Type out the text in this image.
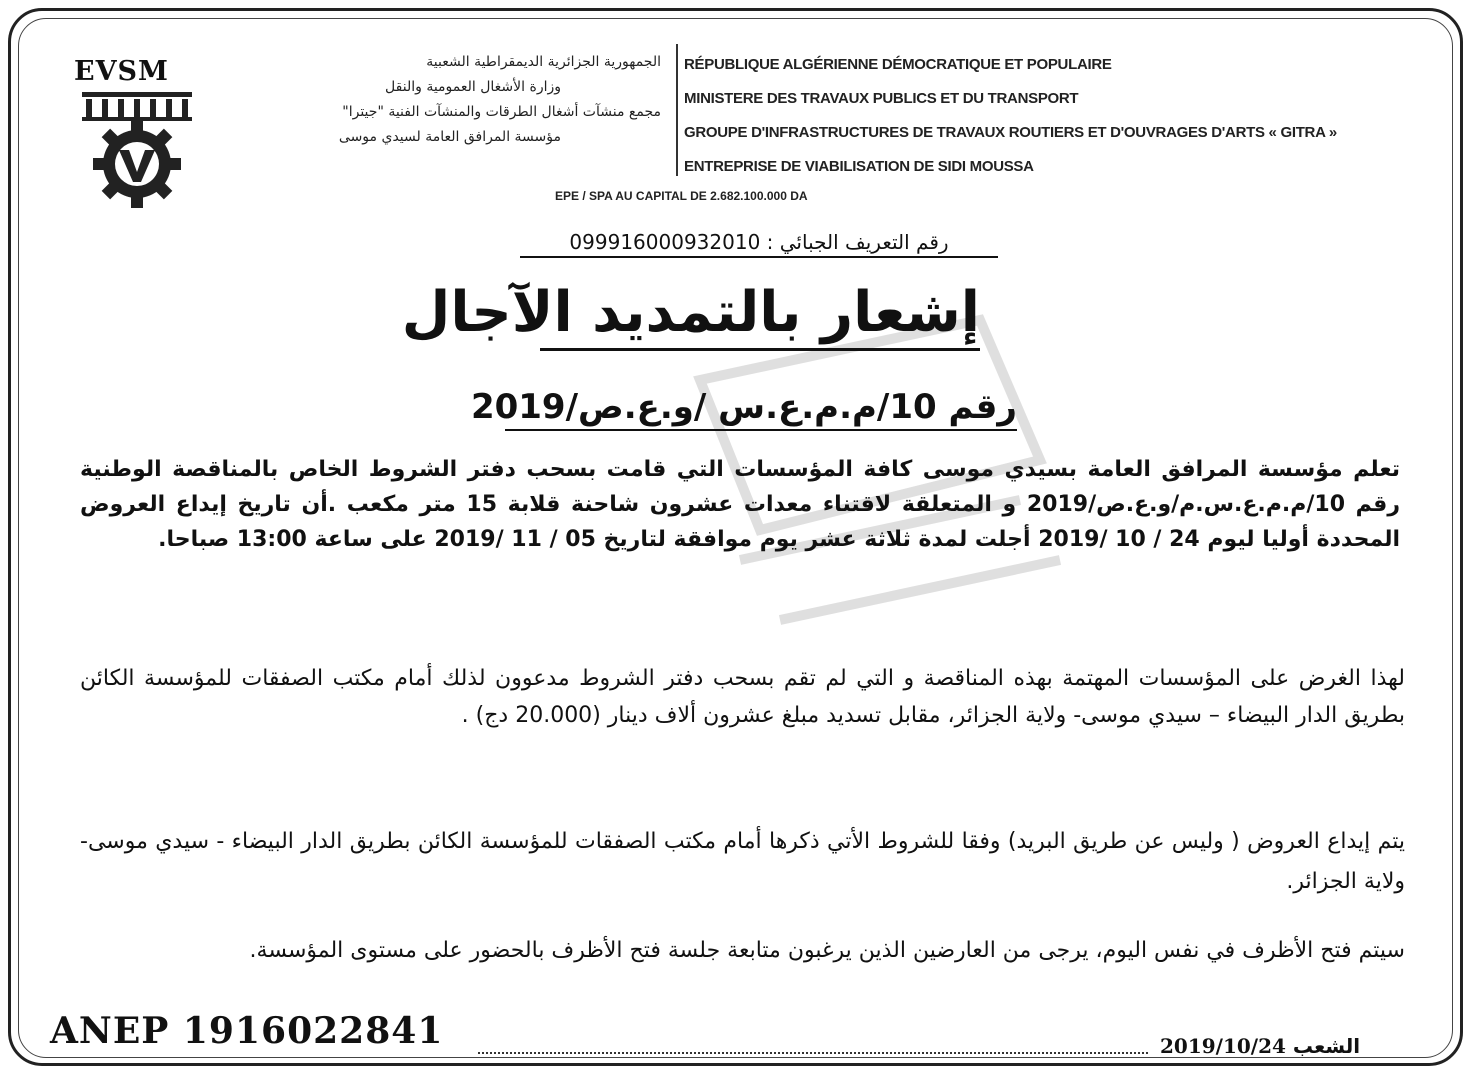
EVSM	الجمهورية الجزائرية الديمقراطية الشعبية
وزارة الأشغال العمومية والنقل
مجمع منشآت أشغال الطرقات والمنشآت الفنية "جيترا"
مؤسسة المرافق العامة لسيدي موسى
RÉPUBLIQUE ALGÉRIENNE DÉMOCRATIQUE ET POPULAIRE
MINISTERE DES TRAVAUX PUBLICS ET DU TRANSPORT
GROUPE D'INFRASTRUCTURES DE TRAVAUX ROUTIERS ET D'OUVRAGES D'ARTS « GITRA »
ENTREPRISE DE VIABILISATION DE SIDI MOUSSA
EPE / SPA AU CAPITAL DE 2.682.100.000 DA
رقم التعريف الجبائي : 099916000932010
إشعار بالتمديد الآجال
رقم 10/م.م.ع.س /و.ع.ص/2019
تعلم مؤسسة المرافق العامة بسيدي موسى كافة المؤسسات التي قامت بسحب دفتر الشروط الخاص بالمناقصة الوطنية رقم 10/م.م.ع.س.م/و.ع.ص/2019 و المتعلقة لاقتناء معدات عشرون شاحنة قلابة 15 متر مكعب .أن تاريخ إيداع العروض المحددة أوليا ليوم 24 / 10 /2019 أجلت لمدة ثلاثة عشر يوم موافقة لتاريخ 05 / 11 /2019 على ساعة 13:00 صباحا.
لهذا الغرض على المؤسسات المهتمة بهذه المناقصة و التي لم تقم بسحب دفتر الشروط مدعوون لذلك أمام مكتب الصفقات للمؤسسة الكائن بطريق الدار البيضاء – سيدي موسى- ولاية الجزائر، مقابل تسديد مبلغ عشرون ألاف دينار (20.000 دج) .
يتم إيداع العروض ( وليس عن طريق البريد) وفقا للشروط الأتي ذكرها أمام مكتب الصفقات للمؤسسة الكائن بطريق الدار البيضاء - سيدي موسى- ولاية الجزائر.
سيتم فتح الأظرف في نفس اليوم، يرجى من العارضين الذين يرغبون متابعة جلسة فتح الأظرف بالحضور على مستوى المؤسسة.
ANEP 1916022841	2019/10/24 الشعب
